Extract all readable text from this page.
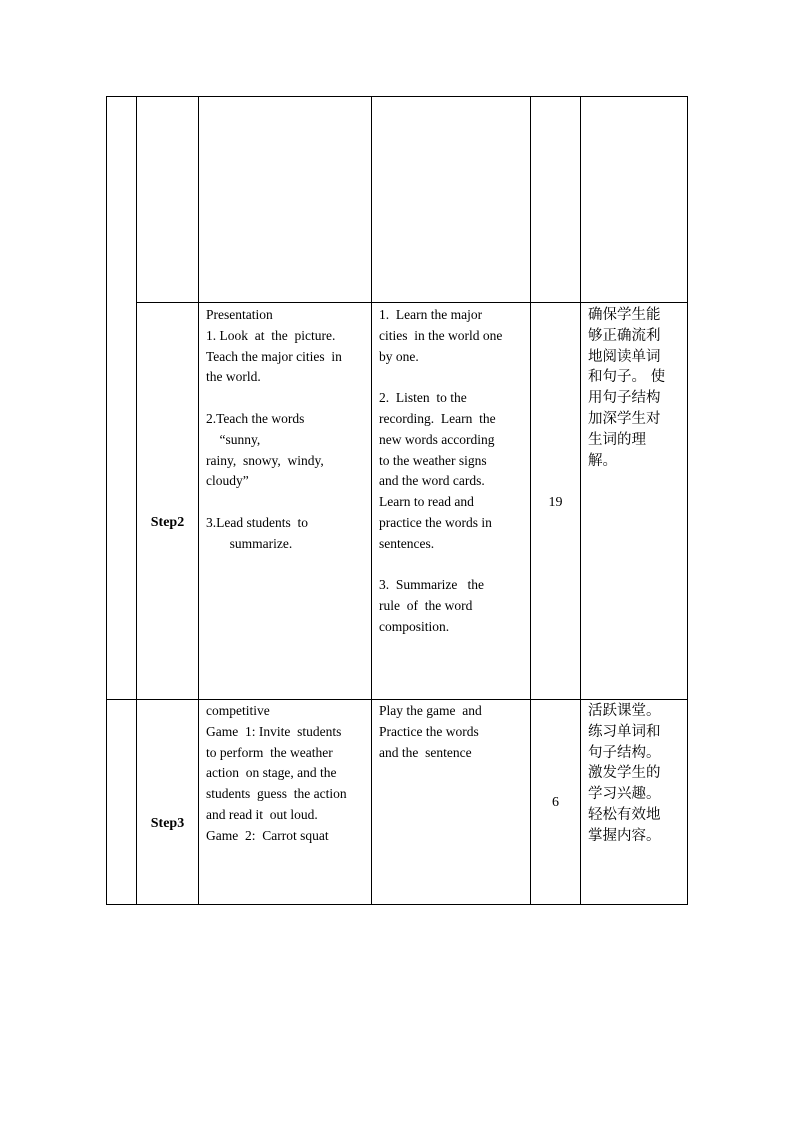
Step2
Presentation
1. Look  at  the  picture.
Teach the major cities  in
the world.
2.Teach the words
“sunny,
rainy,  snowy,  windy,
cloudy”
3.Lead students  to
summarize.
1.  Learn the major
cities  in the world one
by one.
2.  Listen  to the
recording.  Learn  the
new words according
to the weather signs
and the word cards.
Learn to read and
practice the words in
sentences.
3.  Summarize   the
rule  of  the word
composition.
19
确保学生能
够正确流利
地阅读单词
和句子。 使
用句子结构
加深学生对
生词的理
解。
Step3
competitive
Game  1: Invite  students
to perform  the weather
action  on stage, and the
students  guess  the action
and read it  out loud.
Game  2:  Carrot squat
Play the game  and
Practice the words
and the  sentence
6
活跃课堂。
练习单词和
句子结构。
激发学生的
学习兴趣。
轻松有效地
掌握内容。
